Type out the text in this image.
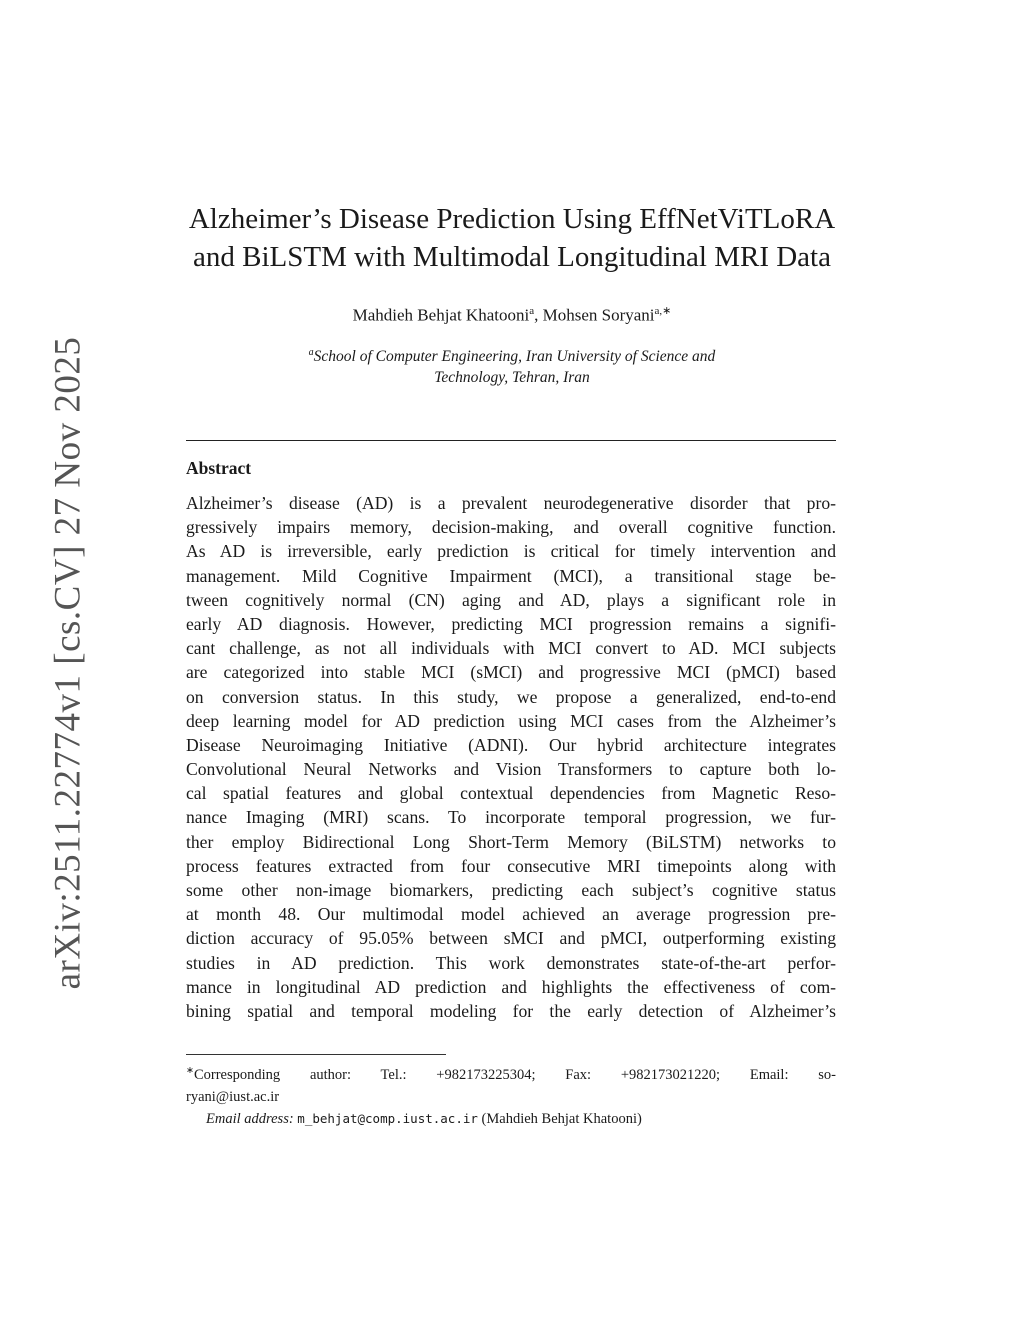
arXiv:2511.22774v1 [cs.CV] 27 Nov 2025
Alzheimer’s Disease Prediction Using EffNetViTLoRA
and BiLSTM with Multimodal Longitudinal MRI Data
Mahdieh Behjat Khatooni$^a$, Mohsen Soryani$^{a,∗}$
$^a$School of Computer Engineering, Iran University of Science and
Technology, Tehran, Iran
Abstract
Alzheimer’s disease (AD) is a prevalent neurodegenerative disorder that pro-
gressively impairs memory, decision-making, and overall cognitive function.
As AD is irreversible, early prediction is critical for timely intervention and
management. Mild Cognitive Impairment (MCI), a transitional stage be-
tween cognitively normal (CN) aging and AD, plays a significant role in
early AD diagnosis. However, predicting MCI progression remains a signifi-
cant challenge, as not all individuals with MCI convert to AD. MCI subjects
are categorized into stable MCI (sMCI) and progressive MCI (pMCI) based
on conversion status. In this study, we propose a generalized, end-to-end
deep learning model for AD prediction using MCI cases from the Alzheimer’s
Disease Neuroimaging Initiative (ADNI). Our hybrid architecture integrates
Convolutional Neural Networks and Vision Transformers to capture both lo-
cal spatial features and global contextual dependencies from Magnetic Reso-
nance Imaging (MRI) scans. To incorporate temporal progression, we fur-
ther employ Bidirectional Long Short-Term Memory (BiLSTM) networks to
process features extracted from four consecutive MRI timepoints along with
some other non-image biomarkers, predicting each subject’s cognitive status
at month 48. Our multimodal model achieved an average progression pre-
diction accuracy of 95.05% between sMCI and pMCI, outperforming existing
studies in AD prediction. This work demonstrates state-of-the-art perfor-
mance in longitudinal AD prediction and highlights the effectiveness of com-
bining spatial and temporal modeling for the early detection of Alzheimer’s
∗Corresponding author: Tel.: +982173225304; Fax: +982173021220; Email: so-
ryani@iust.ac.ir
Email address: m_behjat@comp.iust.ac.ir (Mahdieh Behjat Khatooni)
